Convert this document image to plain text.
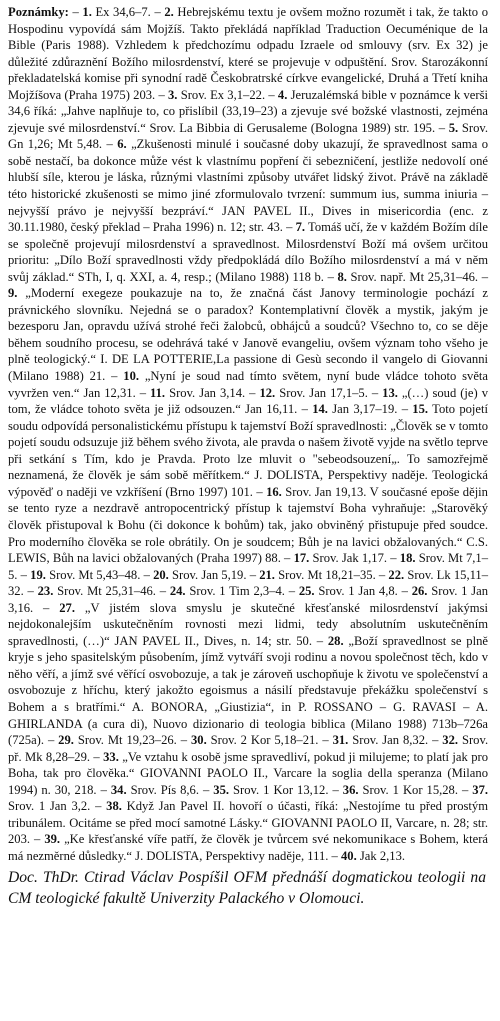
Poznámky: – 1. Ex 34,6–7. – 2. Hebrejskému textu je ovšem možno rozumět i tak, že takto o Hospodinu vypovídá sám Mojžíš. Takto překládá například Traduction Oecuménique de la Bible (Paris 1988). Vzhledem k předchozímu odpadu Izraele od smlouvy (srv. Ex 32) je důležité zdůraznění Božího milosrdenství, které se projevuje v odpuštění. Srov. Starozákonní překladatelská komise při synodní radě Českobratrské církve evangelické, Druhá a Třetí kniha Mojžíšova (Praha 1975) 203. – 3. Srov. Ex 3,1–22. – 4. Jeruzalémská bible v poznámce k verši 34,6 říká: „Jahve naplňuje to, co přislíbil (33,19–23) a zjevuje své božské vlastnosti, zejména zjevuje své milosrdenství.“ Srov. La Bibbia di Gerusaleme (Bologna 1989) str. 195. – 5. Srov. Gn 1,26; Mt 5,48. – 6. „Zkušenosti minulé i současné doby ukazují, že spravedlnost sama o sobě nestačí, ba dokonce může vést k vlastnímu popření či sebezničení, jestliže nedovolí oné hlubší síle, kterou je láska, různými vlastními způsoby utvářet lidský život. Právě na základě této historické zkušenosti se mimo jiné zformulovalo tvrzení: summum ius, summa iniuria – nejvyšší právo je nejvyšší bezpráví.“ JAN PAVEL II., Dives in misericordia (enc. z 30.11.1980, český překlad – Praha 1996) n. 12; str. 43. – 7. Tomáš učí, že v každém Božím díle se společně projevují milosrdenství a spravedlnost. Milosrdenství Boží má ovšem určitou prioritu: „Dílo Boží spravedlnosti vždy předpokládá dílo Božího milosrdenství a má v něm svůj základ.“ STh, I, q. XXI, a. 4, resp.; (Milano 1988) 118 b. – 8. Srov. např. Mt 25,31–46. – 9. „Moderní exegeze poukazuje na to, že značná část Janovy terminologie pochází z právnického slovníku. Nejedná se o paradox? Kontemplativní člověk a mystik, jakým je bezesporu Jan, opravdu užívá strohé řeči žalobců, obhájců a soudců? Všechno to, co se děje během soudního procesu, se odehrává také v Janově evangeliu, ovšem význam toho všeho je plně teologický.“ I. DE LA POTTERIE,La passione di Gesù secondo il vangelo di Giovanni (Milano 1988) 21. – 10. „Nyní je soud nad tímto světem, nyní bude vládce tohoto světa vyvržen ven.“ Jan 12,31. – 11. Srov. Jan 3,14. – 12. Srov. Jan 17,1–5. – 13. „(…) soud (je) v tom, že vládce tohoto světa je již odsouzen.“ Jan 16,11. – 14. Jan 3,17–19. – 15. Toto pojetí soudu odpovídá personalistickému přístupu k tajemství Boží spravedlnosti: „Člověk se v tomto pojetí soudu odsuzuje již během svého života, ale pravda o našem životě vyjde na světlo teprve při setkání s Tím, kdo je Pravda. Proto lze mluvit o "sebeodsouzení„. To samozřejmě neznamená, že člověk je sám sobě měřítkem.“ J. DOLISTA, Perspektivy naděje. Teologická výpověď o naději ve vzkříšení (Brno 1997) 101. – 16. Srov. Jan 19,13. V současné epoše dějin se tento ryze a nezdravě antropocentrický přístup k tajemství Boha vyhraňuje: „Starověký člověk přistupoval k Bohu (či dokonce k bohům) tak, jako obviněný přistupuje před soudce. Pro moderního člověka se role obrátily. On je soudcem; Bůh je na lavici obžalovaných.“ C.S. LEWIS, Bůh na lavici obžalovaných (Praha 1997) 88. – 17. Srov. Jak 1,17. – 18. Srov. Mt 7,1–5. – 19. Srov. Mt 5,43–48. – 20. Srov. Jan 5,19. – 21. Srov. Mt 18,21–35. – 22. Srov. Lk 15,11–32. – 23. Srov. Mt 25,31–46. – 24. Srov. 1 Tim 2,3–4. – 25. Srov. 1 Jan 4,8. – 26. Srov. 1 Jan 3,16. – 27. „V jistém slova smyslu je skutečné křesťanské milosrdenství jakýmsi nejdokonalejším uskutečněním rovnosti mezi lidmi, tedy absolutním uskutečněním spravedlnosti, (…)“ JAN PAVEL II., Dives, n. 14; str. 50. – 28. „Boží spravedlnost se plně kryje s jeho spasitelským působením, jímž vytváří svoji rodinu a novou společnost těch, kdo v něho věří, a jímž své věřící osvobozuje, a tak je zároveň uschopňuje k životu ve společenství a osvobozuje z hříchu, který jakožto egoismus a násilí představuje překážku společenství s Bohem a s bratřími.“ A. BONORA, „Giustizia“, in P. ROSSANO – G. RAVASI – A. GHIRLANDA (a cura di), Nuovo dizionario di teologia biblica (Milano 1988) 713b–726a (725a). – 29. Srov. Mt 19,23–26. – 30. Srov. 2 Kor 5,18–21. – 31. Srov. Jan 8,32. – 32. Srov. př. Mk 8,28–29. – 33. „Ve vztahu k osobě jsme spravedliví, pokud ji milujeme; to platí jak pro Boha, tak pro člověka.“ GIOVANNI PAOLO II., Varcare la soglia della speranza (Milano 1994) n. 30, 218. – 34. Srov. Pís 8,6. – 35. Srov. 1 Kor 13,12. – 36. Srov. 1 Kor 15,28. – 37. Srov. 1 Jan 3,2. – 38. Když Jan Pavel II. hovoří o účasti, říká: „Nestojíme tu před prostým tribunálem. Ocitáme se před mocí samotné Lásky.“ GIOVANNI PAOLO II, Varcare, n. 28; str. 203. – 39. „Ke křesťanské víře patří, že člověk je tvůrcem své nekomunikace s Bohem, která má nezměrné důsledky.“ J. DOLISTA, Perspektivy naděje, 111. – 40. Jak 2,13.

Doc. ThDr. Ctirad Václav Pospíšil OFM přednáší dogmatickou teologii na CM teologické fakultě Univerzity Palackého v Olomouci.
